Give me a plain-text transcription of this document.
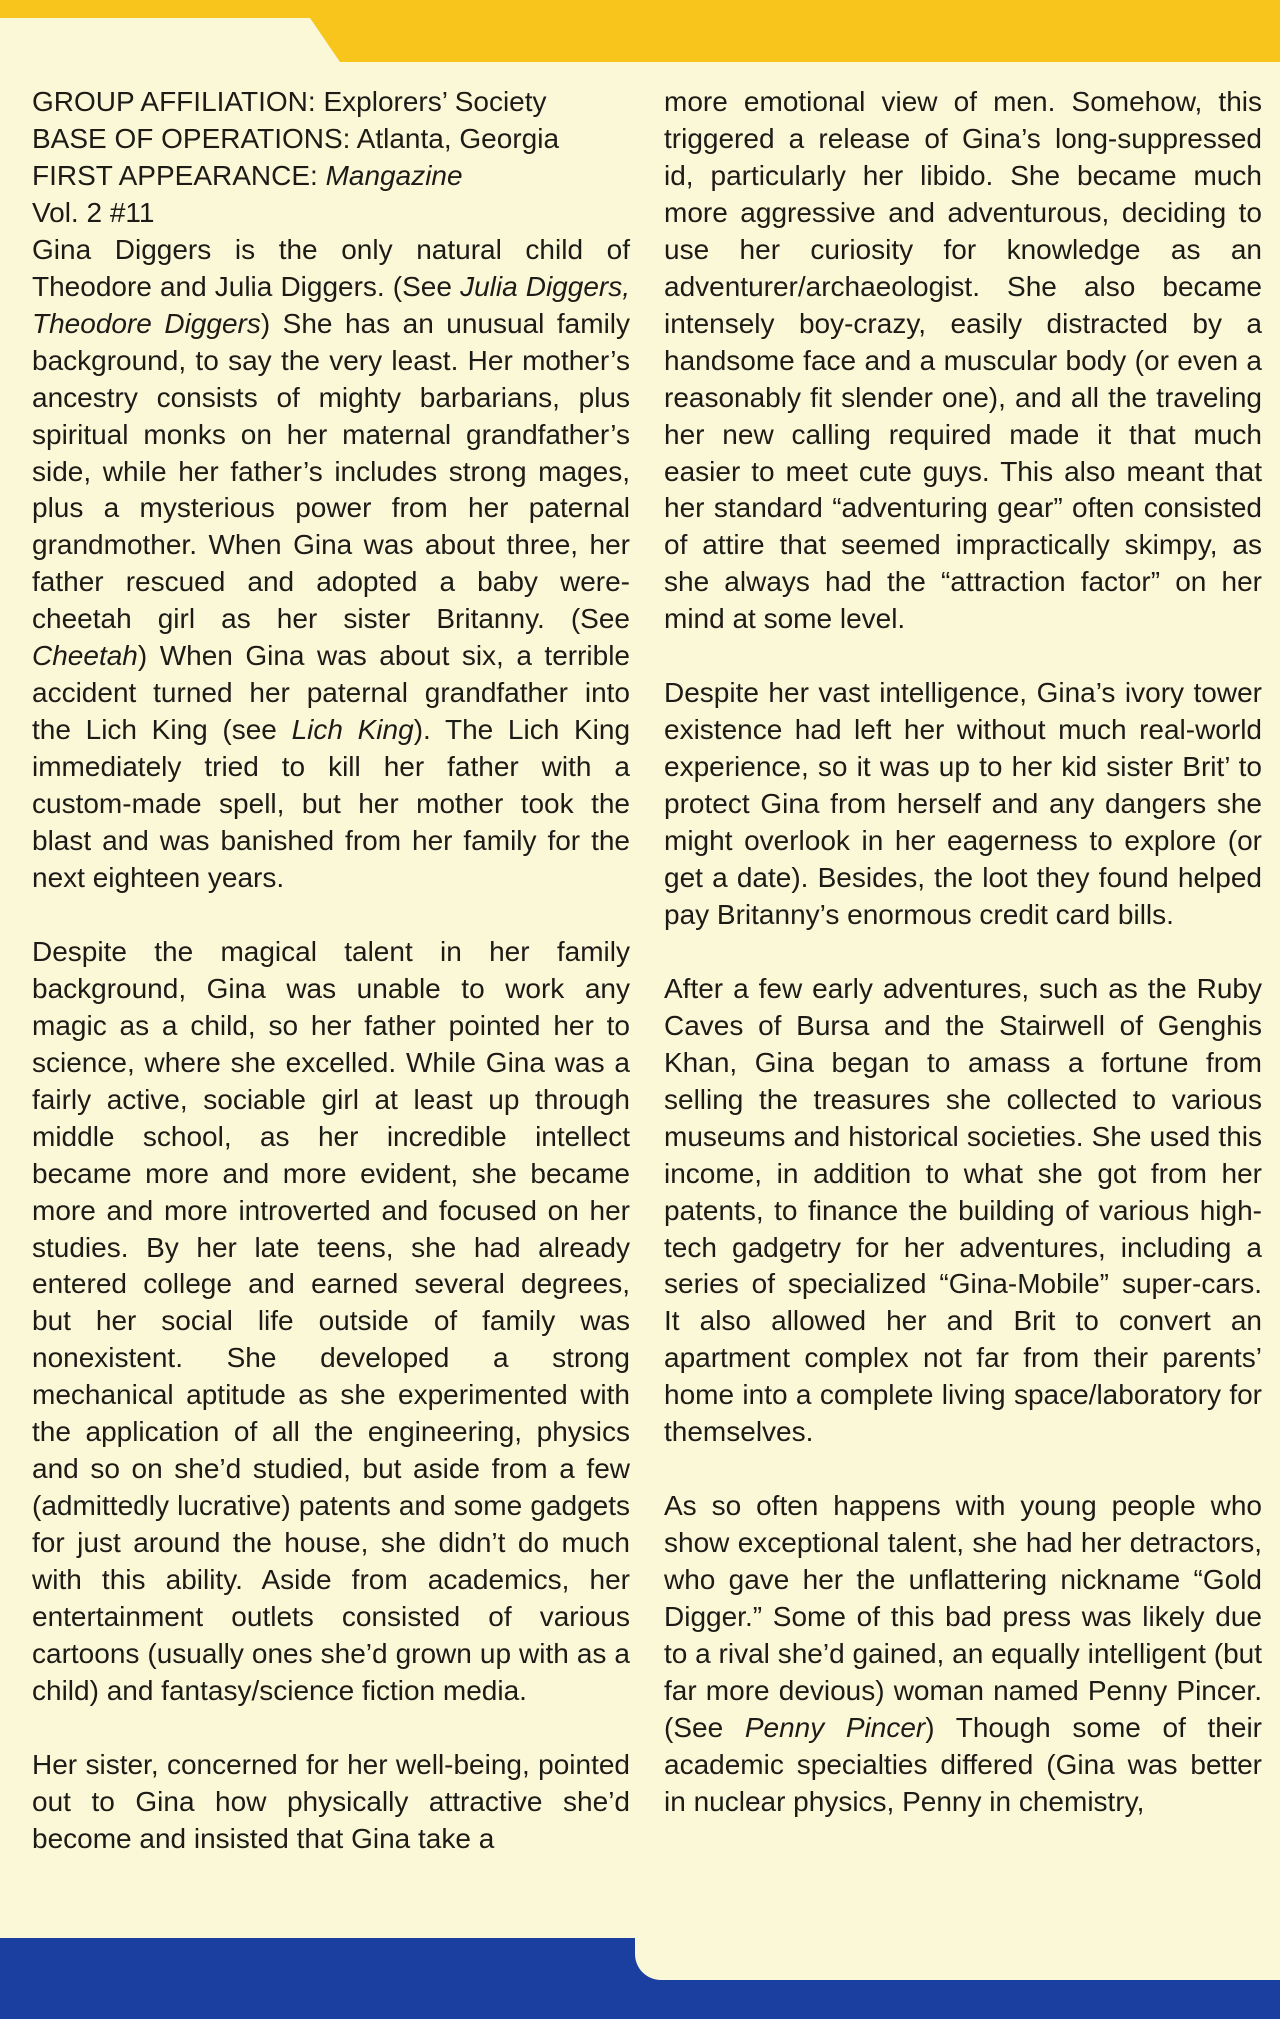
GROUP AFFILIATION: Explorers’ Society
BASE OF OPERATIONS: Atlanta, Georgia
FIRST APPEARANCE: Mangazine Vol. 2 #11

Gina Diggers is the only natural child of Theodore and Julia Diggers. (See Julia Diggers, Theodore Diggers) She has an unusual family background, to say the very least. Her mother’s ancestry consists of mighty barbarians, plus spiritual monks on her maternal grandfather’s side, while her father’s includes strong mages, plus a mysterious power from her paternal grandmother. When Gina was about three, her father rescued and adopted a baby were-cheetah girl as her sister Britanny. (See Cheetah) When Gina was about six, a terrible accident turned her paternal grandfather into the Lich King (see Lich King). The Lich King immediately tried to kill her father with a custom-made spell, but her mother took the blast and was banished from her family for the next eighteen years.

Despite the magical talent in her family background, Gina was unable to work any magic as a child, so her father pointed her to science, where she excelled. While Gina was a fairly active, sociable girl at least up through middle school, as her incredible intellect became more and more evident, she became more and more introverted and focused on her studies. By her late teens, she had already entered college and earned several degrees, but her social life outside of family was nonexistent. She developed a strong mechanical aptitude as she experimented with the application of all the engineering, physics and so on she’d studied, but aside from a few (admittedly lucrative) patents and some gadgets for just around the house, she didn’t do much with this ability. Aside from academics, her entertainment outlets consisted of various cartoons (usually ones she’d grown up with as a child) and fantasy/science fiction media.

Her sister, concerned for her well-being, pointed out to Gina how physically attractive she’d become and insisted that Gina take a

more emotional view of men. Somehow, this triggered a release of Gina’s long-suppressed id, particularly her libido. She became much more aggressive and adventurous, deciding to use her curiosity for knowledge as an adventurer/archaeologist. She also became intensely boy-crazy, easily distracted by a handsome face and a muscular body (or even a reasonably fit slender one), and all the traveling her new calling required made it that much easier to meet cute guys. This also meant that her standard “adventuring gear” often consisted of attire that seemed impractically skimpy, as she always had the “attraction factor” on her mind at some level.

Despite her vast intelligence, Gina’s ivory tower existence had left her without much real-world experience, so it was up to her kid sister Brit’ to protect Gina from herself and any dangers she might overlook in her eagerness to explore (or get a date). Besides, the loot they found helped pay Britanny’s enormous credit card bills.

After a few early adventures, such as the Ruby Caves of Bursa and the Stairwell of Genghis Khan, Gina began to amass a fortune from selling the treasures she collected to various museums and historical societies. She used this income, in addition to what she got from her patents, to finance the building of various high-tech gadgetry for her adventures, including a series of specialized “Gina-Mobile” super-cars. It also allowed her and Brit to convert an apartment complex not far from their parents’ home into a complete living space/laboratory for themselves.

As so often happens with young people who show exceptional talent, she had her detractors, who gave her the unflattering nickname “Gold Digger.” Some of this bad press was likely due to a rival she’d gained, an equally intelligent (but far more devious) woman named Penny Pincer. (See Penny Pincer) Though some of their academic specialties differed (Gina was better in nuclear physics, Penny in chemistry,
